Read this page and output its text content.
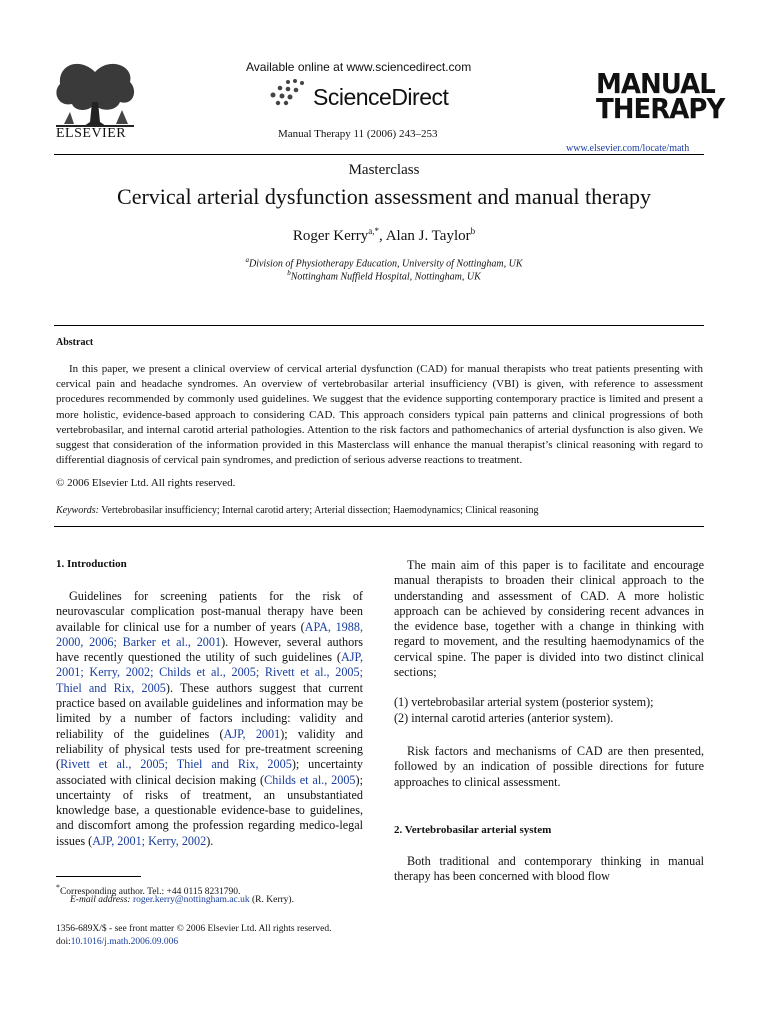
ELSEVIER
Available online at www.sciencedirect.com
ScienceDirect
Manual Therapy 11 (2006) 243–253
MANUAL
THERAPY
www.elsevier.com/locate/math
Masterclass
Cervical arterial dysfunction assessment and manual therapy
Roger Kerry$^{a,*}$, Alan J. Taylor$^b$
$^a$Division of Physiotherapy Education, University of Nottingham, UK
$^b$Nottingham Nuffield Hospital, Nottingham, UK
Abstract
In this paper, we present a clinical overview of cervical arterial dysfunction (CAD) for manual therapists who treat patients presenting with cervical pain and headache syndromes. An overview of vertebrobasilar arterial insufficiency (VBI) is given, with reference to assessment procedures recommended by commonly used guidelines. We suggest that the evidence supporting contemporary practice is limited and present a more holistic, evidence-based approach to considering CAD. This approach considers typical pain patterns and clinical progressions of both vertebrobasilar, and internal carotid arterial pathologies. Attention to the risk factors and pathomechanics of arterial dysfunction is also given. We suggest that consideration of the information provided in this Masterclass will enhance the manual therapist’s clinical reasoning with regard to differential diagnosis of cervical pain syndromes, and prediction of serious adverse reactions to treatment.
© 2006 Elsevier Ltd. All rights reserved.
Keywords: Vertebrobasilar insufficiency; Internal carotid artery; Arterial dissection; Haemodynamics; Clinical reasoning
1. Introduction

Guidelines for screening patients for the risk of neurovascular complication post-manual therapy have been available for clinical use for a number of years (APA, 1988, 2000, 2006; Barker et al., 2001). However, several authors have recently questioned the utility of such guidelines (AJP, 2001; Kerry, 2002; Childs et al., 2005; Rivett et al., 2005; Thiel and Rix, 2005). These authors suggest that current practice based on available guidelines and information may be limited by a number of factors including: validity and reliability of the guidelines (AJP, 2001); validity and reliability of physical tests used for pre-treatment screening (Rivett et al., 2005; Thiel and Rix, 2005); uncertainty associated with clinical decision making (Childs et al., 2005); uncertainty of risks of treatment, an unsubstantiated knowledge base, a questionable evidence-base to guidelines, and discomfort among the profession regarding medico-legal issues (AJP, 2001; Kerry, 2002).

The main aim of this paper is to facilitate and encourage manual therapists to broaden their clinical approach to the understanding and assessment of CAD. A more holistic approach can be achieved by considering recent advances in the evidence base, together with a change in thinking with regard to movement, and the resulting haemodynamics of the cervical spine. The paper is divided into two distinct clinical sections;

(1) vertebrobasilar arterial system (posterior system);

(2) internal carotid arteries (anterior system).

Risk factors and mechanisms of CAD are then presented, followed by an indication of possible directions for future approaches to clinical assessment.

2. Vertebrobasilar arterial system

Both traditional and contemporary thinking in manual therapy has been concerned with blood flow

*Corresponding author. Tel.: +44 0115 8231790.
E-mail address: roger.kerry@nottingham.ac.uk (R. Kerry).
1356-689X/$ - see front matter © 2006 Elsevier Ltd. All rights reserved.
doi:10.1016/j.math.2006.09.006
